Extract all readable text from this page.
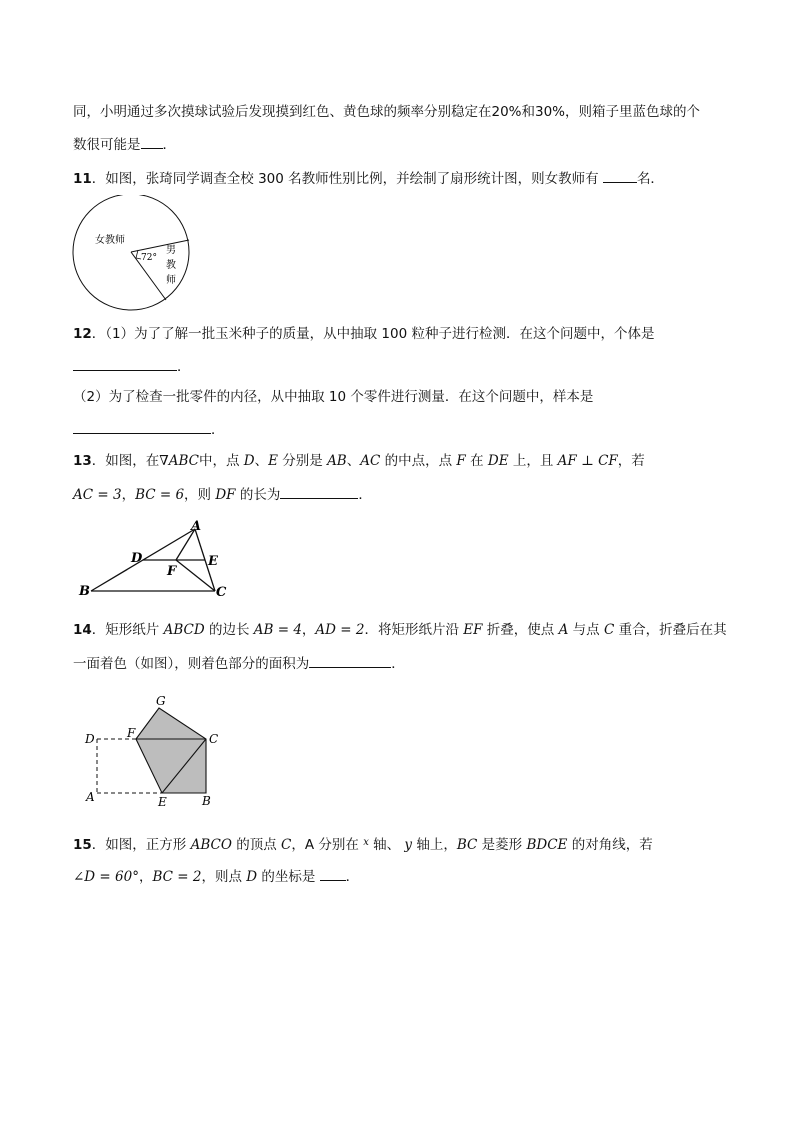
同，小明通过多次摸球试验后发现摸到红色、黄色球的频率分别稳定在20%和30%，则箱子里蓝色球的个
数很可能是 ．
11．如图，张琦同学调查全校 300 名教师性别比例，并绘制了扇形统计图，则女教师有	名．
女教师
72°
男
教
师
12．（1）为了了解一批玉米种子的质量，从中抽取 100 粒种子进行检测．在这个问题中，个体是
．
（2）为了检查一批零件的内径，从中抽取 10 个零件进行测量．在这个问题中，样本是
．
13．如图，在∇ABC中，点 D、E 分别是 AB、AC 的中点，点 F 在 DE 上，且 AF ⊥ CF，若
AC = 3，BC = 6，则 DF 的长为	．
A
B	C
D	E
F
14．矩形纸片 ABCD 的边长 AB = 4，AD = 2．将矩形纸片沿 EF 折叠，使点 A 与点 C 重合，折叠后在其
一面着色（如图），则着色部分的面积为	．
G
D	F	C
A	E	B
15．如图，正方形 ABCO 的顶点 C，A 分别在 $^x$ 轴、 y 轴上，BC 是菱形 BDCE 的对角线，若
∠D = 60°，BC = 2，则点 D 的坐标是 ．
